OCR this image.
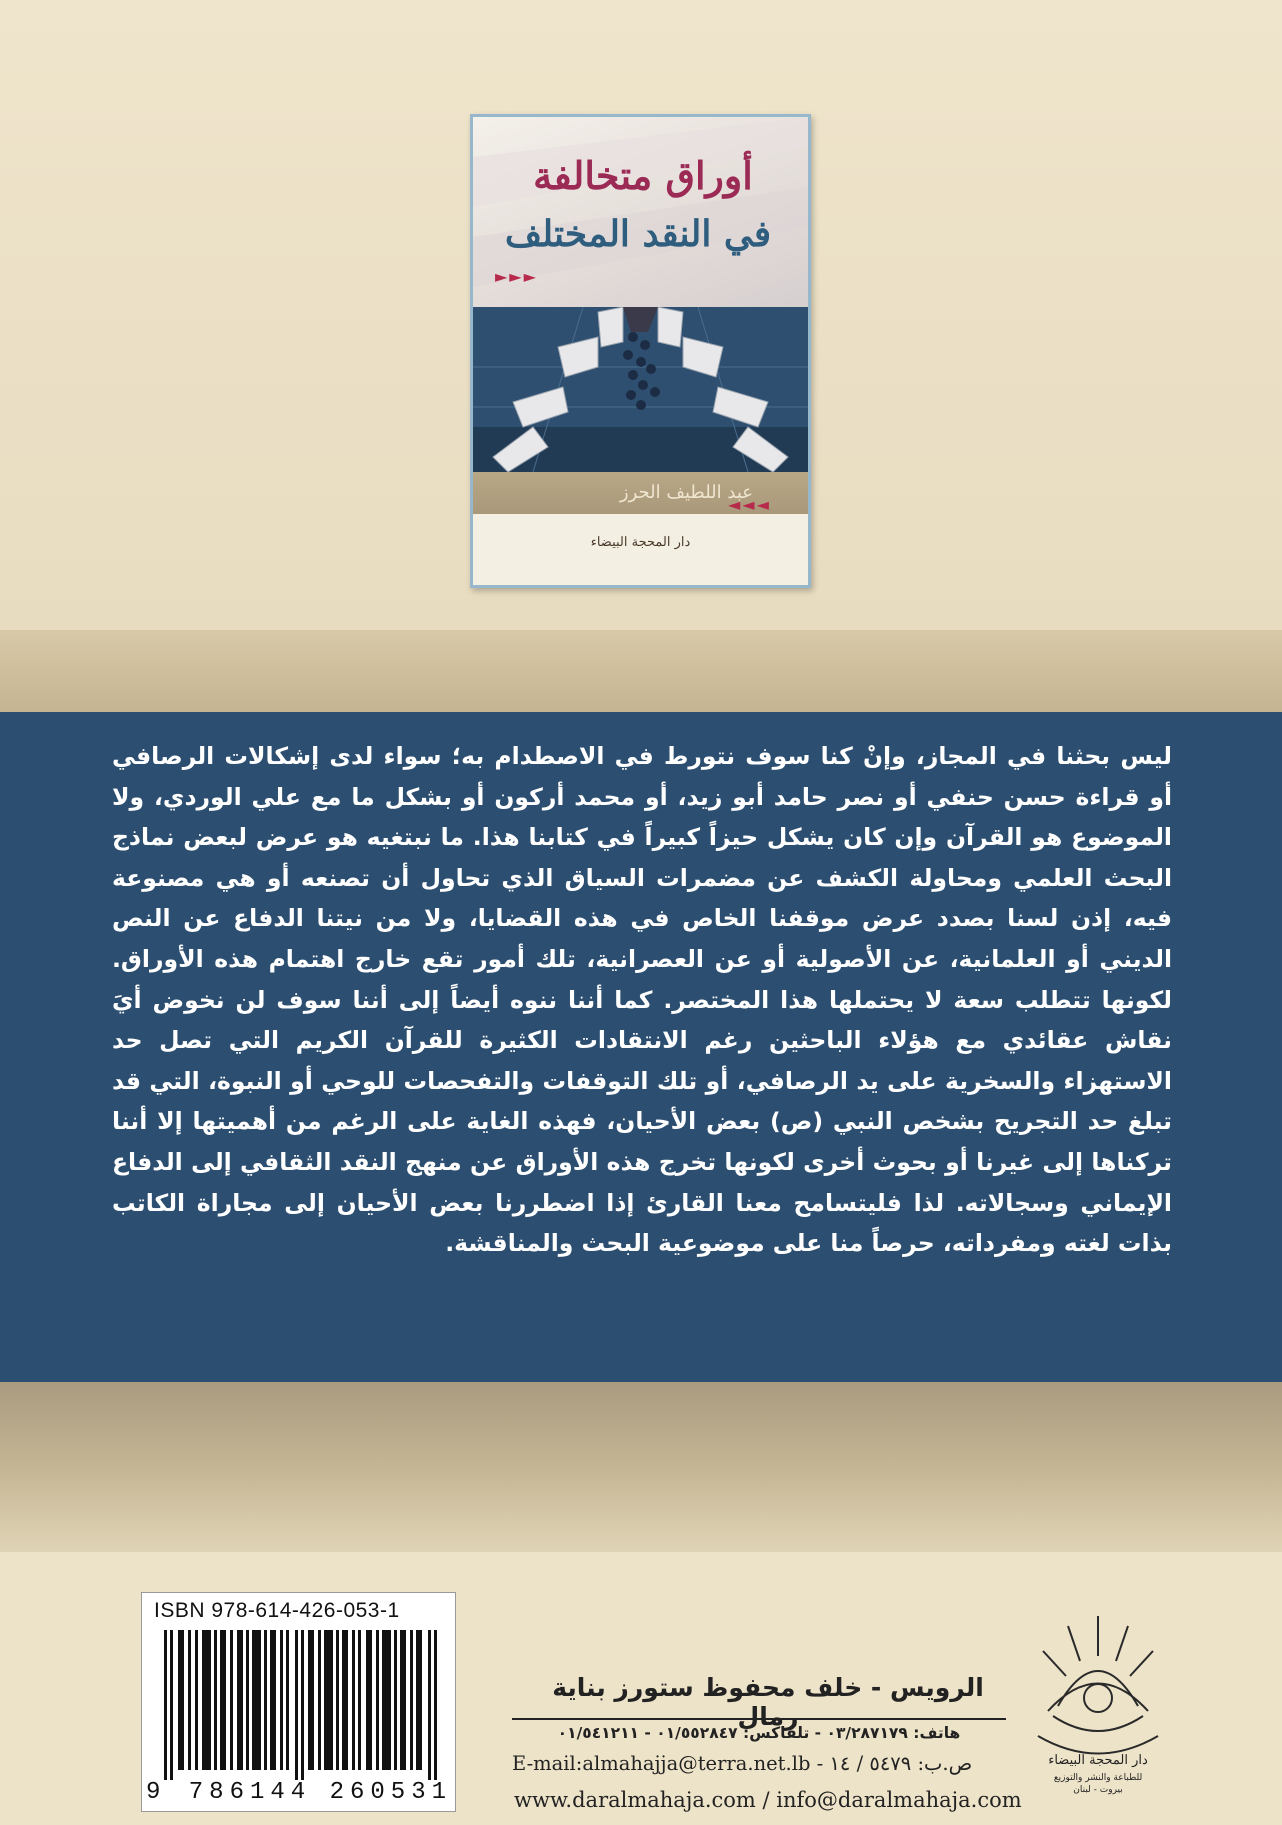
أوراق متخالفة
في النقد المختلف
►►►
عبد اللطيف الحرز
◄◄◄
دار المحجة البيضاء
ليس بحثنا في المجاز، وإنْ كنا سوف نتورط في الاصطدام به؛ سواء لدى إشكالات الرصافي أو قراءة حسن حنفي أو نصر حامد أبو زيد، أو محمد أركون أو بشكل ما مع علي الوردي، ولا الموضوع هو القرآن وإن كان يشكل حيزاً كبيراً في كتابنا هذا. ما نبتغيه هو عرض لبعض نماذج البحث العلمي ومحاولة الكشف عن مضمرات السياق الذي تحاول أن تصنعه أو هي مصنوعة فيه، إذن لسنا بصدد عرض موقفنا الخاص في هذه القضايا، ولا من نيتنا الدفاع عن النص الديني أو العلمانية، عن الأصولية أو عن العصرانية، تلك أمور تقع خارج اهتمام هذه الأوراق. لكونها تتطلب سعة لا يحتملها هذا المختصر. كما أننا ننوه أيضاً إلى أننا سوف لن نخوض أيَ نقاش عقائدي مع هؤلاء الباحثين رغم الانتقادات الكثيرة للقرآن الكريم التي تصل حد الاستهزاء والسخرية على يد الرصافي، أو تلك التوقفات والتفحصات للوحي أو النبوة، التي قد تبلغ حد التجريح بشخص النبي (ص) بعض الأحيان، فهذه الغاية على الرغم من أهميتها إلا أننا تركناها إلى غيرنا أو بحوث أخرى لكونها تخرج هذه الأوراق عن منهج النقد الثقافي إلى الدفاع الإيماني وسجالاته. لذا فليتسامح معنا القارئ إذا اضطررنا بعض الأحيان إلى مجاراة الكاتب بذات لغته ومفرداته، حرصاً منا على موضوعية البحث والمناقشة.
ISBN 978-614-426-053-1
9 786144 260531
الرويس - خلف محفوظ ستورز بناية رمال
هاتف: ٠٣/٢٨٧١٧٩ - تلفاكس: ٠١/٥٥٢٨٤٧ - ٠١/٥٤١٢١١
E-mail:almahajja@terra.net.lb ص.ب: ٥٤٧٩ / ١٤ -
www.daralmahaja.com / info@daralmahaja.com
دار المحجة البيضاء
للطباعة والنشر والتوزيع
بيروت - لبنان
